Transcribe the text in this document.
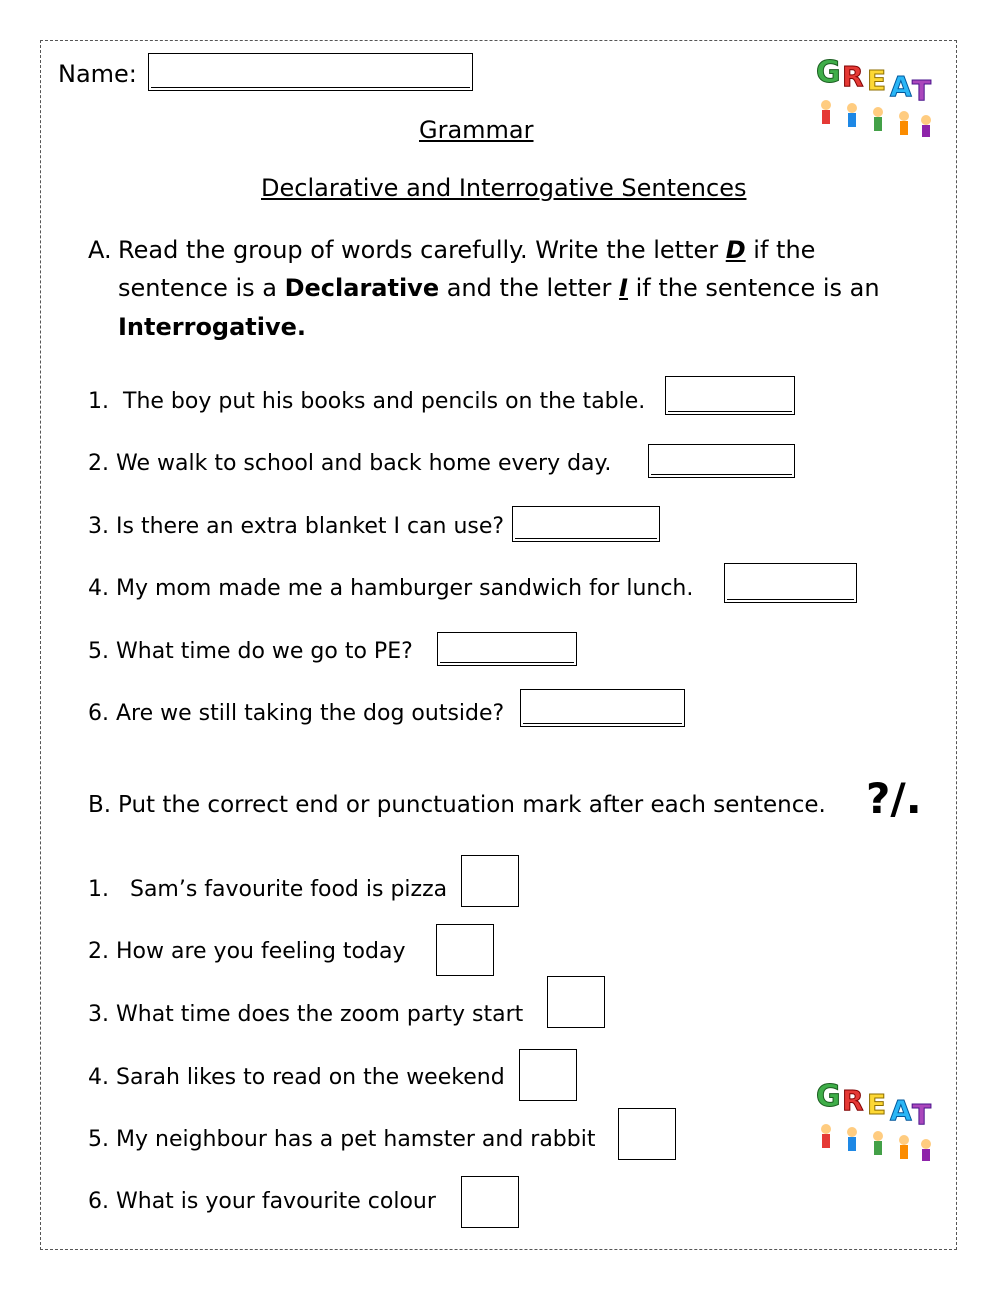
Name:	G R E A T
Grammar
Declarative and Interrogative Sentences
A. Read the group of words carefully. Write the letter D if the
sentence is a Declarative and the letter I if the sentence is an
Interrogative.
1. The boy put his books and pencils on the table.
2. We walk to school and back home every day.
3. Is there an extra blanket I can use?
4. My mom made me a hamburger sandwich for lunch.
5. What time do we go to PE?
6. Are we still taking the dog outside?
B. Put the correct end or punctuation mark after each sentence. ?/.
1. Sam’s favourite food is pizza
2. How are you feeling today
3. What time does the zoom party start
4. Sarah likes to read on the weekend
5. My neighbour has a pet hamster and rabbit
6. What is your favourite colour
G R E A T
